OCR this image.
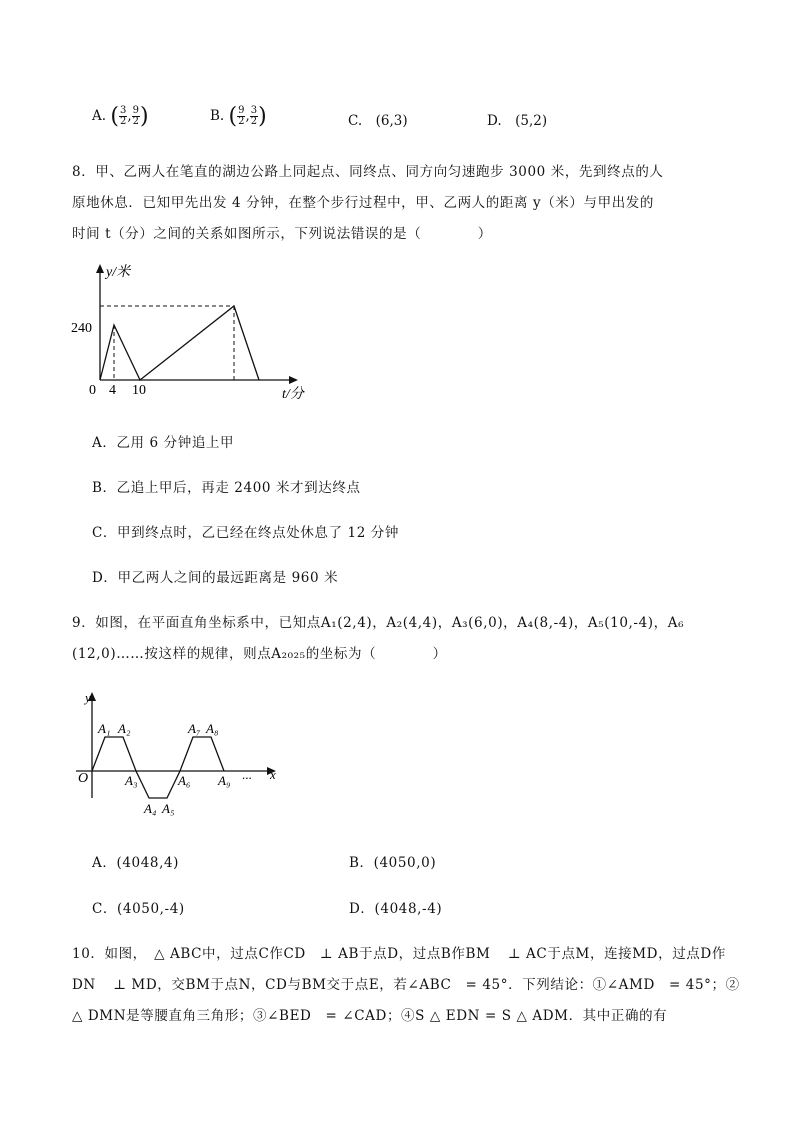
A. ( $\frac{3}{2}$ , $\frac{9}{2}$ )	B. ( $\frac{9}{2}$ , $\frac{3}{2}$ )	C.　(6,3)	D.　(5,2)
8．甲、乙两人在笔直的湖边公路上同起点、同终点、同方向匀速跑步 3000 米，先到终点的人
原地休息．已知甲先出发 4 分钟，在整个步行过程中，甲、乙两人的距离 y（米）与甲出发的
时间 t（分）之间的关系如图所示，下列说法错误的是（　　　　）
y/米
240
0 4 10	t/分
A．乙用 6 分钟追上甲
B．乙追上甲后，再走 2400 米才到达终点
C．甲到终点时，乙已经在终点处休息了 12 分钟
D．甲乙两人之间的最远距离是 960 米
9．如图，在平面直角坐标系中，已知点A₁(2,4)，A₂(4,4)，A₃(6,0)，A₄(8,-4)，A₅(10,-4)，A₆
(12,0)……按这样的规律，则点A₂₀₂₅的坐标为（　　　　）
y
O
A₁ A₂
A₃
A₄ A₅
A₆
A₇ A₈
A₉ ... x
A．(4048,4)	B．(4050,0)
C．(4050,-4)	D．(4048,-4)
10．如图，　△ ABC中，过点C作CD　⊥ AB于点D，过点B作BM　 ⊥ AC于点M，连接MD，过点D作
DN　 ⊥ MD，交BM于点N，CD与BM交于点E，若∠ABC　= 45°．下列结论：①∠AMD　= 45°；②
△ DMN是等腰直角三角形；③∠BED　= ∠CAD；④S △ EDN = S △ ADM．其中正确的有
